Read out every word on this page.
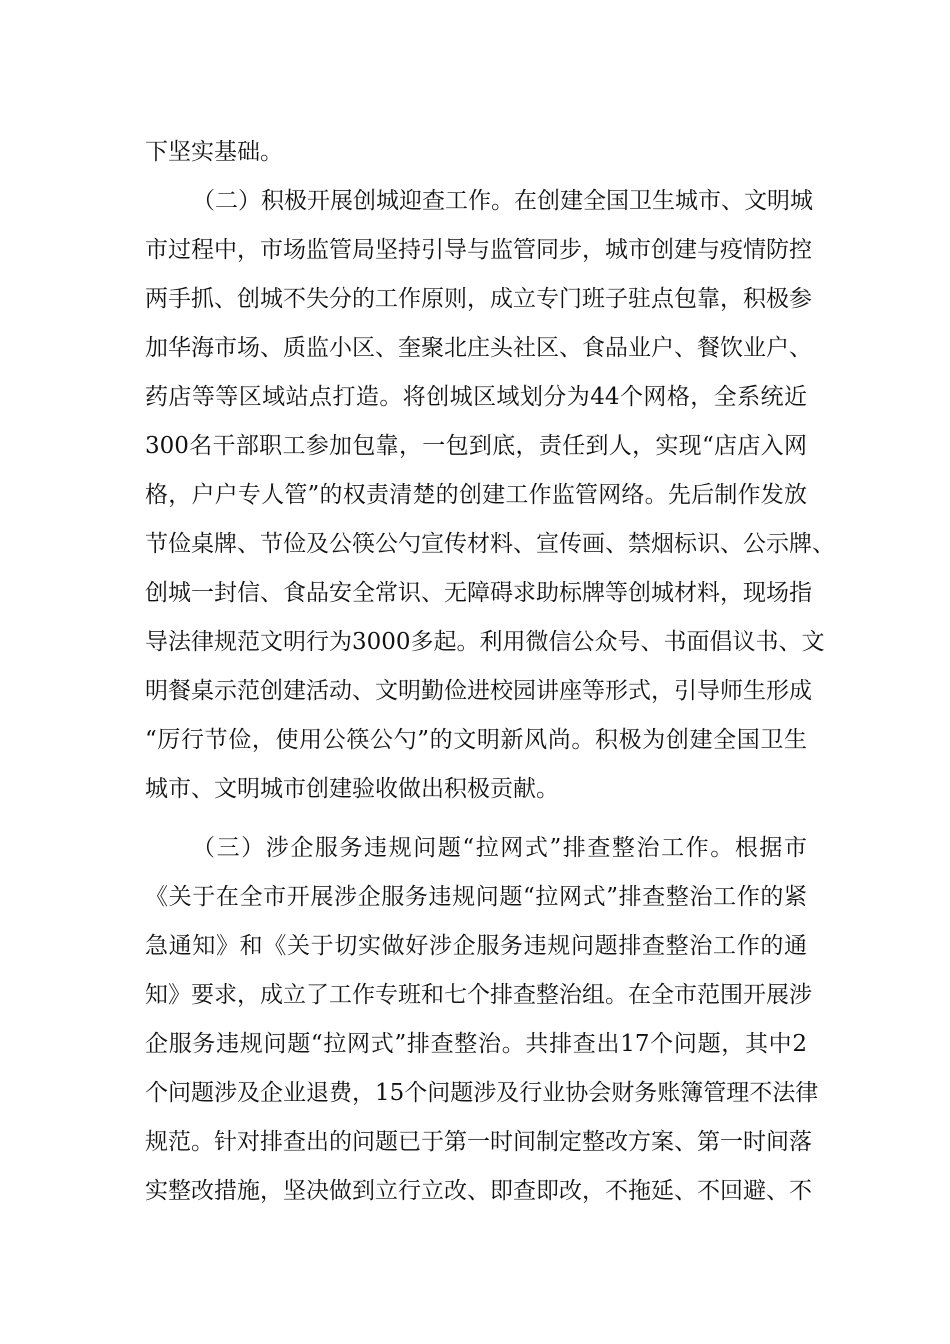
下坚实基础。
（二）积极开展创城迎查工作。在创建全国卫生城市、文明城
市过程中，市场监管局坚持引导与监管同步，城市创建与疫情防控
两手抓、创城不失分的工作原则，成立专门班子驻点包靠，积极参
加华海市场、质监小区、奎聚北庄头社区、食品业户、餐饮业户、
药店等等区域站点打造。将创城区域划分为44个网格，全系统近
300名干部职工参加包靠，一包到底，责任到人，实现“店店入网
格，户户专人管”的权责清楚的创建工作监管网络。先后制作发放
节俭桌牌、节俭及公筷公勺宣传材料、宣传画、禁烟标识、公示牌、
创城一封信、食品安全常识、无障碍求助标牌等创城材料，现场指
导法律规范文明行为3000多起。利用微信公众号、书面倡议书、文
明餐桌示范创建活动、文明勤俭进校园讲座等形式，引导师生形成
“厉行节俭，使用公筷公勺”的文明新风尚。积极为创建全国卫生
城市、文明城市创建验收做出积极贡献。
（三）涉企服务违规问题“拉网式”排查整治工作。根据市
《关于在全市开展涉企服务违规问题“拉网式”排查整治工作的紧
急通知》和《关于切实做好涉企服务违规问题排查整治工作的通
知》要求，成立了工作专班和七个排查整治组。在全市范围开展涉
企服务违规问题“拉网式”排查整治。共排查出17个问题，其中2
个问题涉及企业退费，15个问题涉及行业协会财务账簿管理不法律
规范。针对排查出的问题已于第一时间制定整改方案、第一时间落
实整改措施，坚决做到立行立改、即查即改，不拖延、不回避、不
